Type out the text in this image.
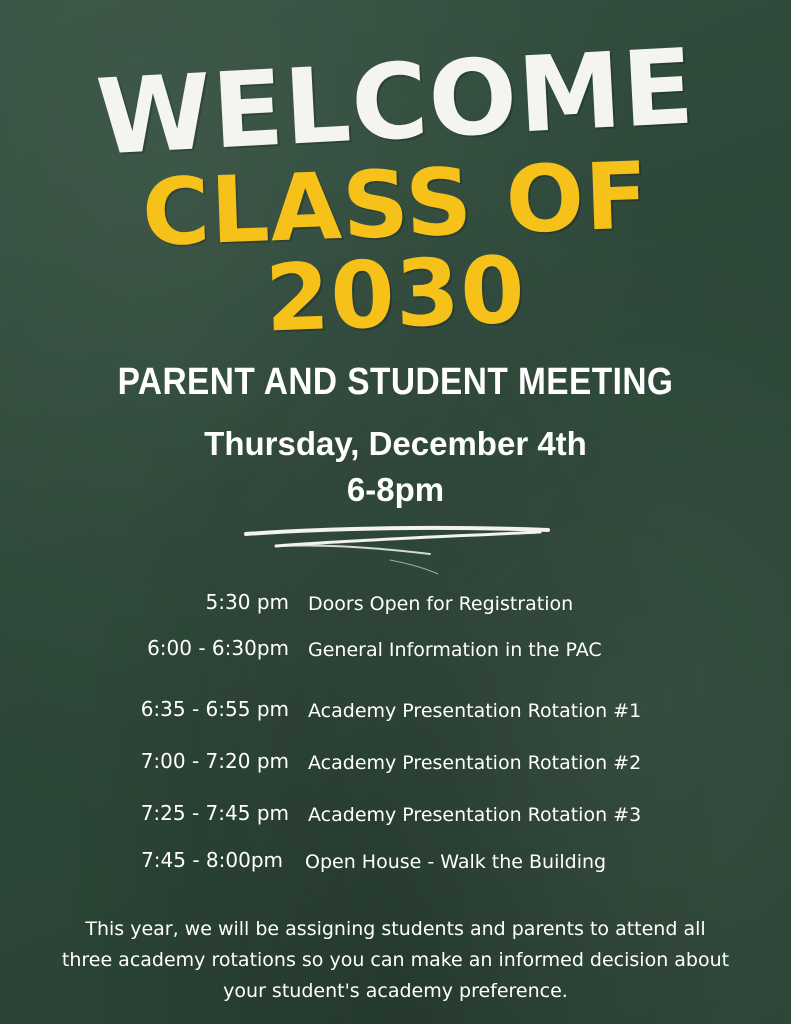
WELCOME
CLASS OF
2030
PARENT AND STUDENT MEETING
Thursday, December 4th
6-8pm
5:30 pm Doors Open for Registration
6:00 - 6:30pm General Information in the PAC
6:35 - 6:55 pm Academy Presentation Rotation #1
7:00 - 7:20 pm Academy Presentation Rotation #2
7:25 - 7:45 pm Academy Presentation Rotation #3
7:45 - 8:00pm Open House - Walk the Building

This year, we will be assigning students and parents to attend all three academy rotations so you can make an informed decision about your student's academy preference.
